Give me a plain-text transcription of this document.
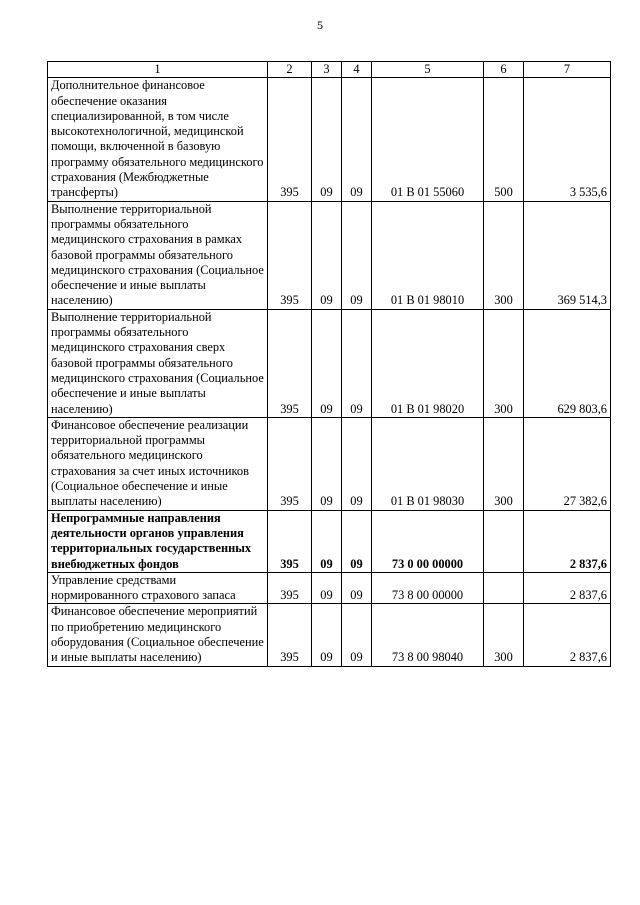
5
1	2	3	4	5	6	7
Дополнительное финансовое обеспечение оказания специализированной, в том числе высокотехнологичной, медицинской помощи, включенной в базовую программу обязательного медицинского страхования (Межбюджетные трансферты)	395	09	09	01 В 01 55060	500	3 535,6
Выполнение территориальной программы обязательного медицинского страхования в рамках базовой программы обязательного медицинского страхования (Социальное обеспечение и иные выплаты населению)	395	09	09	01 В 01 98010	300	369 514,3
Выполнение территориальной программы обязательного медицинского страхования сверх базовой программы обязательного медицинского страхования (Социальное обеспечение и иные выплаты населению)	395	09	09	01 В 01 98020	300	629 803,6
Финансовое обеспечение реализации территориальной программы обязательного медицинского страхования за счет иных источников (Социальное обеспечение и иные выплаты населению)	395	09	09	01 В 01 98030	300	27 382,6
Непрограммные направления деятельности органов управления территориальных государственных внебюджетных фондов	395	09	09	73 0 00 00000		2 837,6
Управление средствами нормированного страхового запаса	395	09	09	73 8 00 00000		2 837,6
Финансовое обеспечение мероприятий по приобретению медицинского оборудования (Социальное обеспечение и иные выплаты населению)	395	09	09	73 8 00 98040	300	2 837,6
